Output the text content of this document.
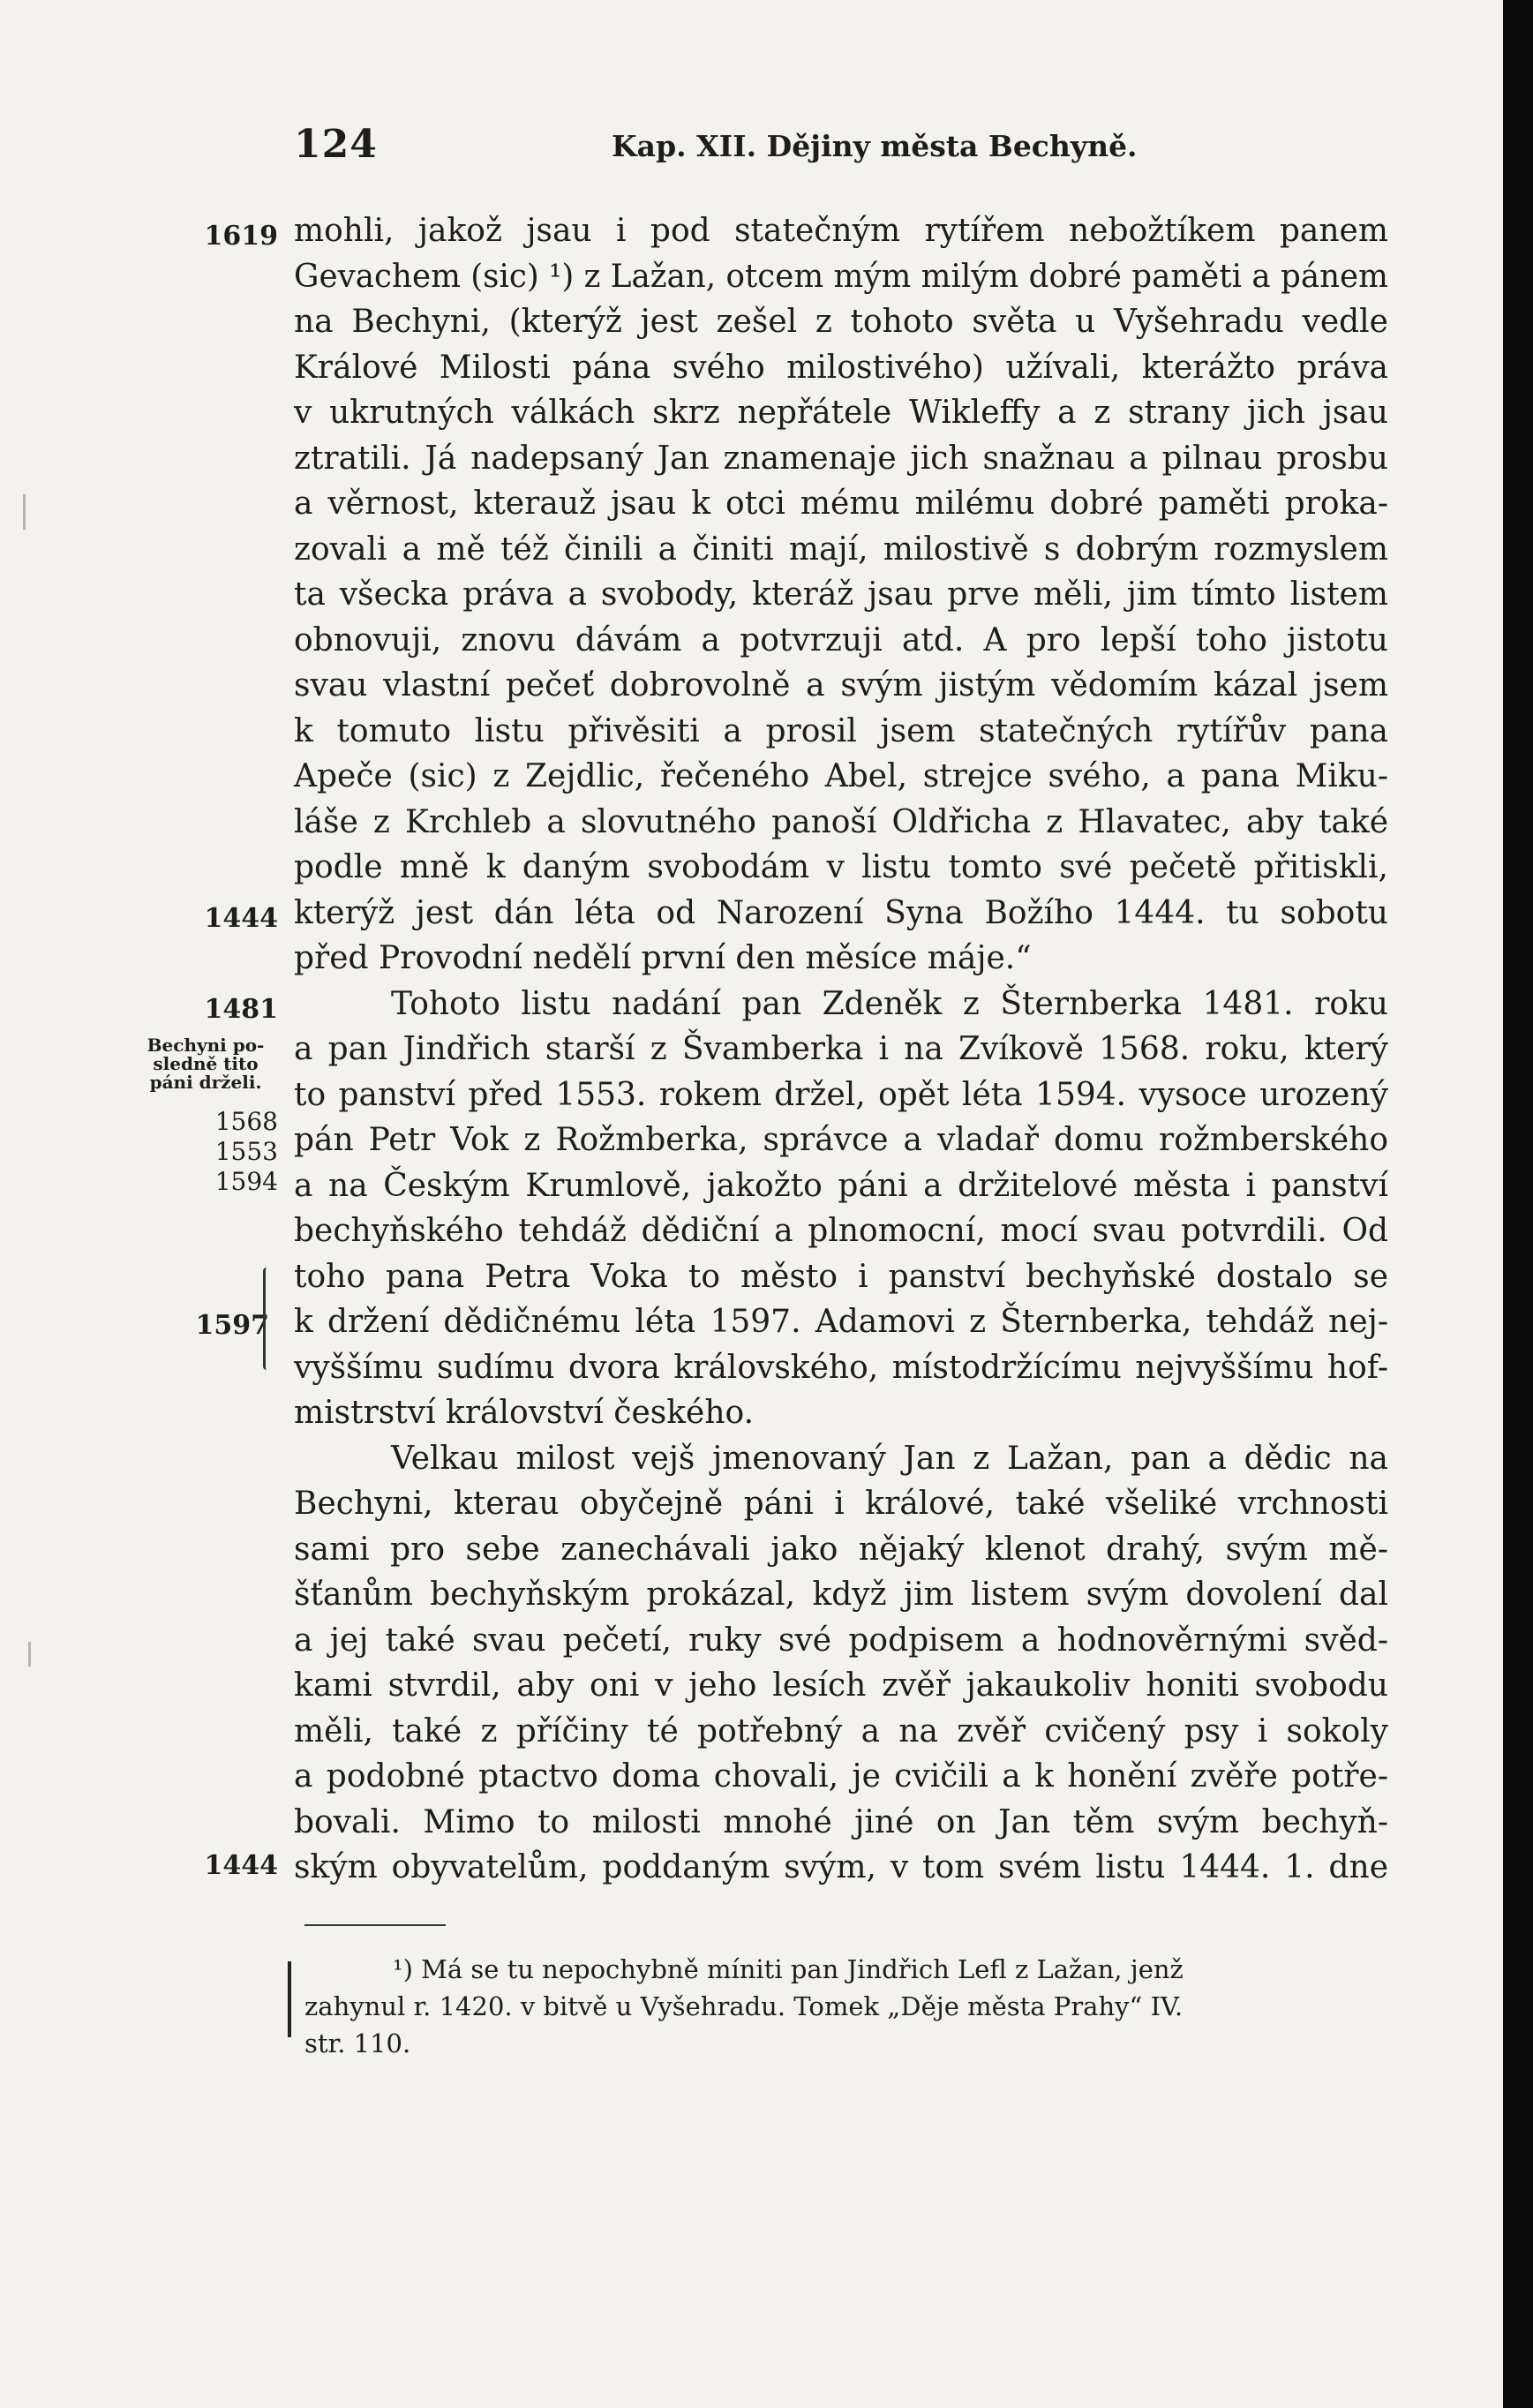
124	Kap. XII. Dějiny města Bechyně.
1619
1444
1481
Bechyni po-
sledně tito
páni drželi.
1568
1553
1594
1597
1444
mohli, jakož jsau i pod statečným rytířem nebožtíkem panem
Gevachem (sic) ¹) z Lažan, otcem mým milým dobré paměti a pánem
na Bechyni, (kterýž jest zešel z tohoto světa u Vyšehradu vedle
Králové Milosti pána svého milostivého) užívali, kterážto práva
v ukrutných válkách skrz nepřátele Wikleffy a z strany jich jsau
ztratili. Já nadepsaný Jan znamenaje jich snažnau a pilnau prosbu
a věrnost, kterauž jsau k otci mému milému dobré paměti proka-
zovali a mě též činili a činiti mají, milostivě s dobrým rozmyslem
ta všecka práva a svobody, kteráž jsau prve měli, jim tímto listem
obnovuji, znovu dávám a potvrzuji atd. A pro lepší toho jistotu
svau vlastní pečeť dobrovolně a svým jistým vědomím kázal jsem
k tomuto listu přivěsiti a prosil jsem statečných rytířův pana
Apeče (sic) z Zejdlic, řečeného Abel, strejce svého, a pana Miku-
láše z Krchleb a slovutného panoší Oldřicha z Hlavatec, aby také
podle mně k daným svobodám v listu tomto své pečetě přitiskli,
kterýž jest dán léta od Narození Syna Božího 1444. tu sobotu
před Provodní nedělí první den měsíce máje.“
Tohoto listu nadání pan Zdeněk z Šternberka 1481. roku
a pan Jindřich starší z Švamberka i na Zvíkově 1568. roku, který
to panství před 1553. rokem držel, opět léta 1594. vysoce urozený
pán Petr Vok z Rožmberka, správce a vladař domu rožmberského
a na Českým Krumlově, jakožto páni a držitelové města i panství
bechyňského tehdáž dědiční a plnomocní, mocí svau potvrdili. Od
toho pana Petra Voka to město i panství bechyňské dostalo se
k držení dědičnému léta 1597. Adamovi z Šternberka, tehdáž nej-
vyššímu sudímu dvora královského, místodržícímu nejvyššímu hof-
mistrství království českého.
Velkau milost vejš jmenovaný Jan z Lažan, pan a dědic na
Bechyni, kterau obyčejně páni i králové, také všeliké vrchnosti
sami pro sebe zanechávali jako nějaký klenot drahý, svým mě-
šťanům bechyňským prokázal, když jim listem svým dovolení dal
a jej také svau pečetí, ruky své podpisem a hodnověrnými svěd-
kami stvrdil, aby oni v jeho lesích zvěř jakaukoliv honiti svobodu
měli, také z příčiny té potřebný a na zvěř cvičený psy i sokoly
a podobné ptactvo doma chovali, je cvičili a k honění zvěře potře-
bovali. Mimo to milosti mnohé jiné on Jan těm svým bechyň-
ským obyvatelům, poddaným svým, v tom svém listu 1444. 1. dne
¹) Má se tu nepochybně míniti pan Jindřich Lefl z Lažan, jenž
zahynul r. 1420. v bitvě u Vyšehradu. Tomek „Děje města Prahy“ IV.
str. 110.
